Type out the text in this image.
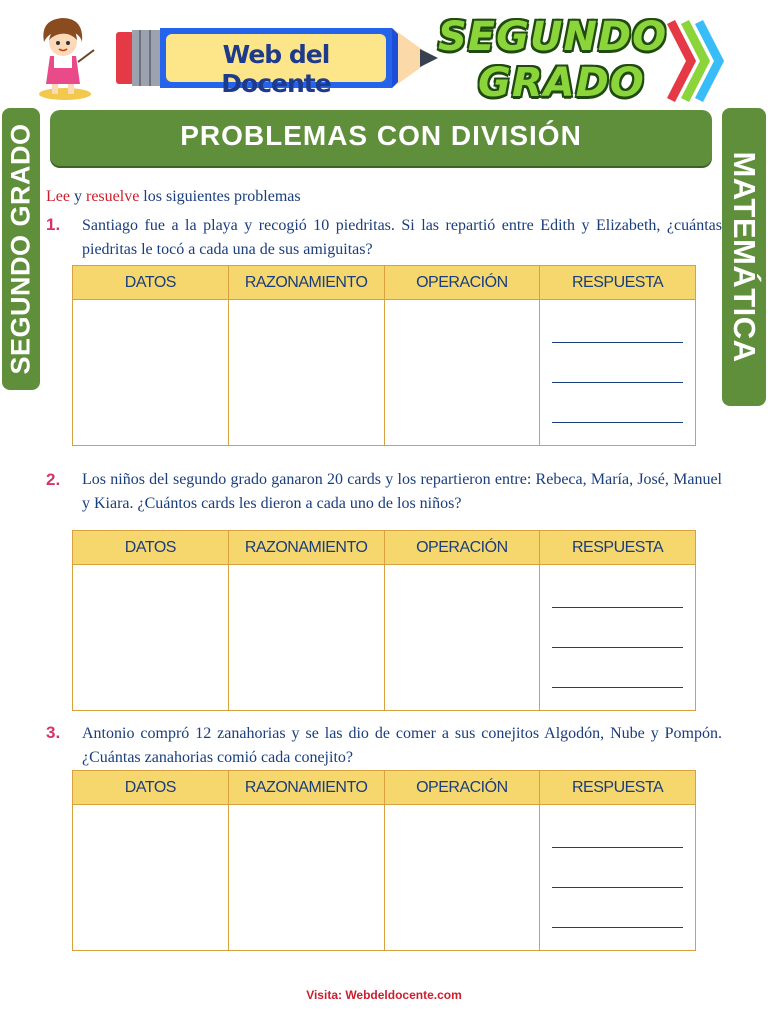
Web del Docente
SEGUNDO
GRADO
PROBLEMAS CON DIVISIÓN
SEGUNDO GRADO	MATEMÁTICA
Lee y resuelve los siguientes problemas
1. Santiago fue a la playa y recogió 10 piedritas. Si las repartió entre Edith y Elizabeth, ¿cuántas piedritas le tocó a cada una de sus amiguitas?
DATOS	RAZONAMIENTO	OPERACIÓN	RESPUESTA

2. Los niños del segundo grado ganaron 20 cards y los repartieron entre: Rebeca, María, José, Manuel y Kiara. ¿Cuántos cards les dieron a cada uno de los niños?
DATOS	RAZONAMIENTO	OPERACIÓN	RESPUESTA

3. Antonio compró 12 zanahorias y se las dio de comer a sus conejitos Algodón, Nube y Pompón. ¿Cuántas zanahorias comió cada conejito?
DATOS	RAZONAMIENTO	OPERACIÓN	RESPUESTA

Visita: Webdeldocente.com
